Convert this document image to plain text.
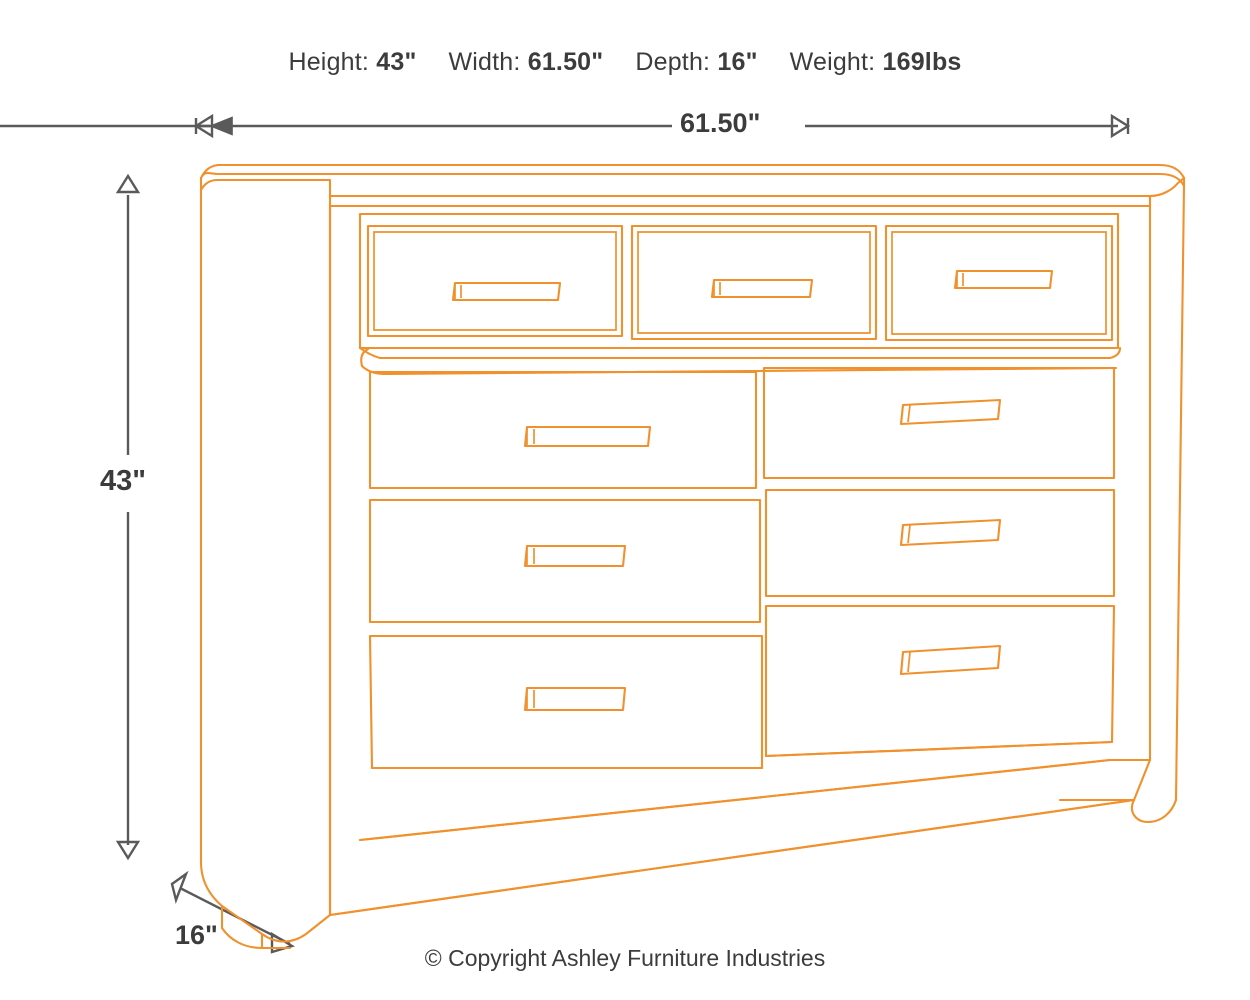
Height: 43" Width: 61.50" Depth: 16" Weight: 169lbs
61.50"
43"
16"
© Copyright Ashley Furniture Industries
